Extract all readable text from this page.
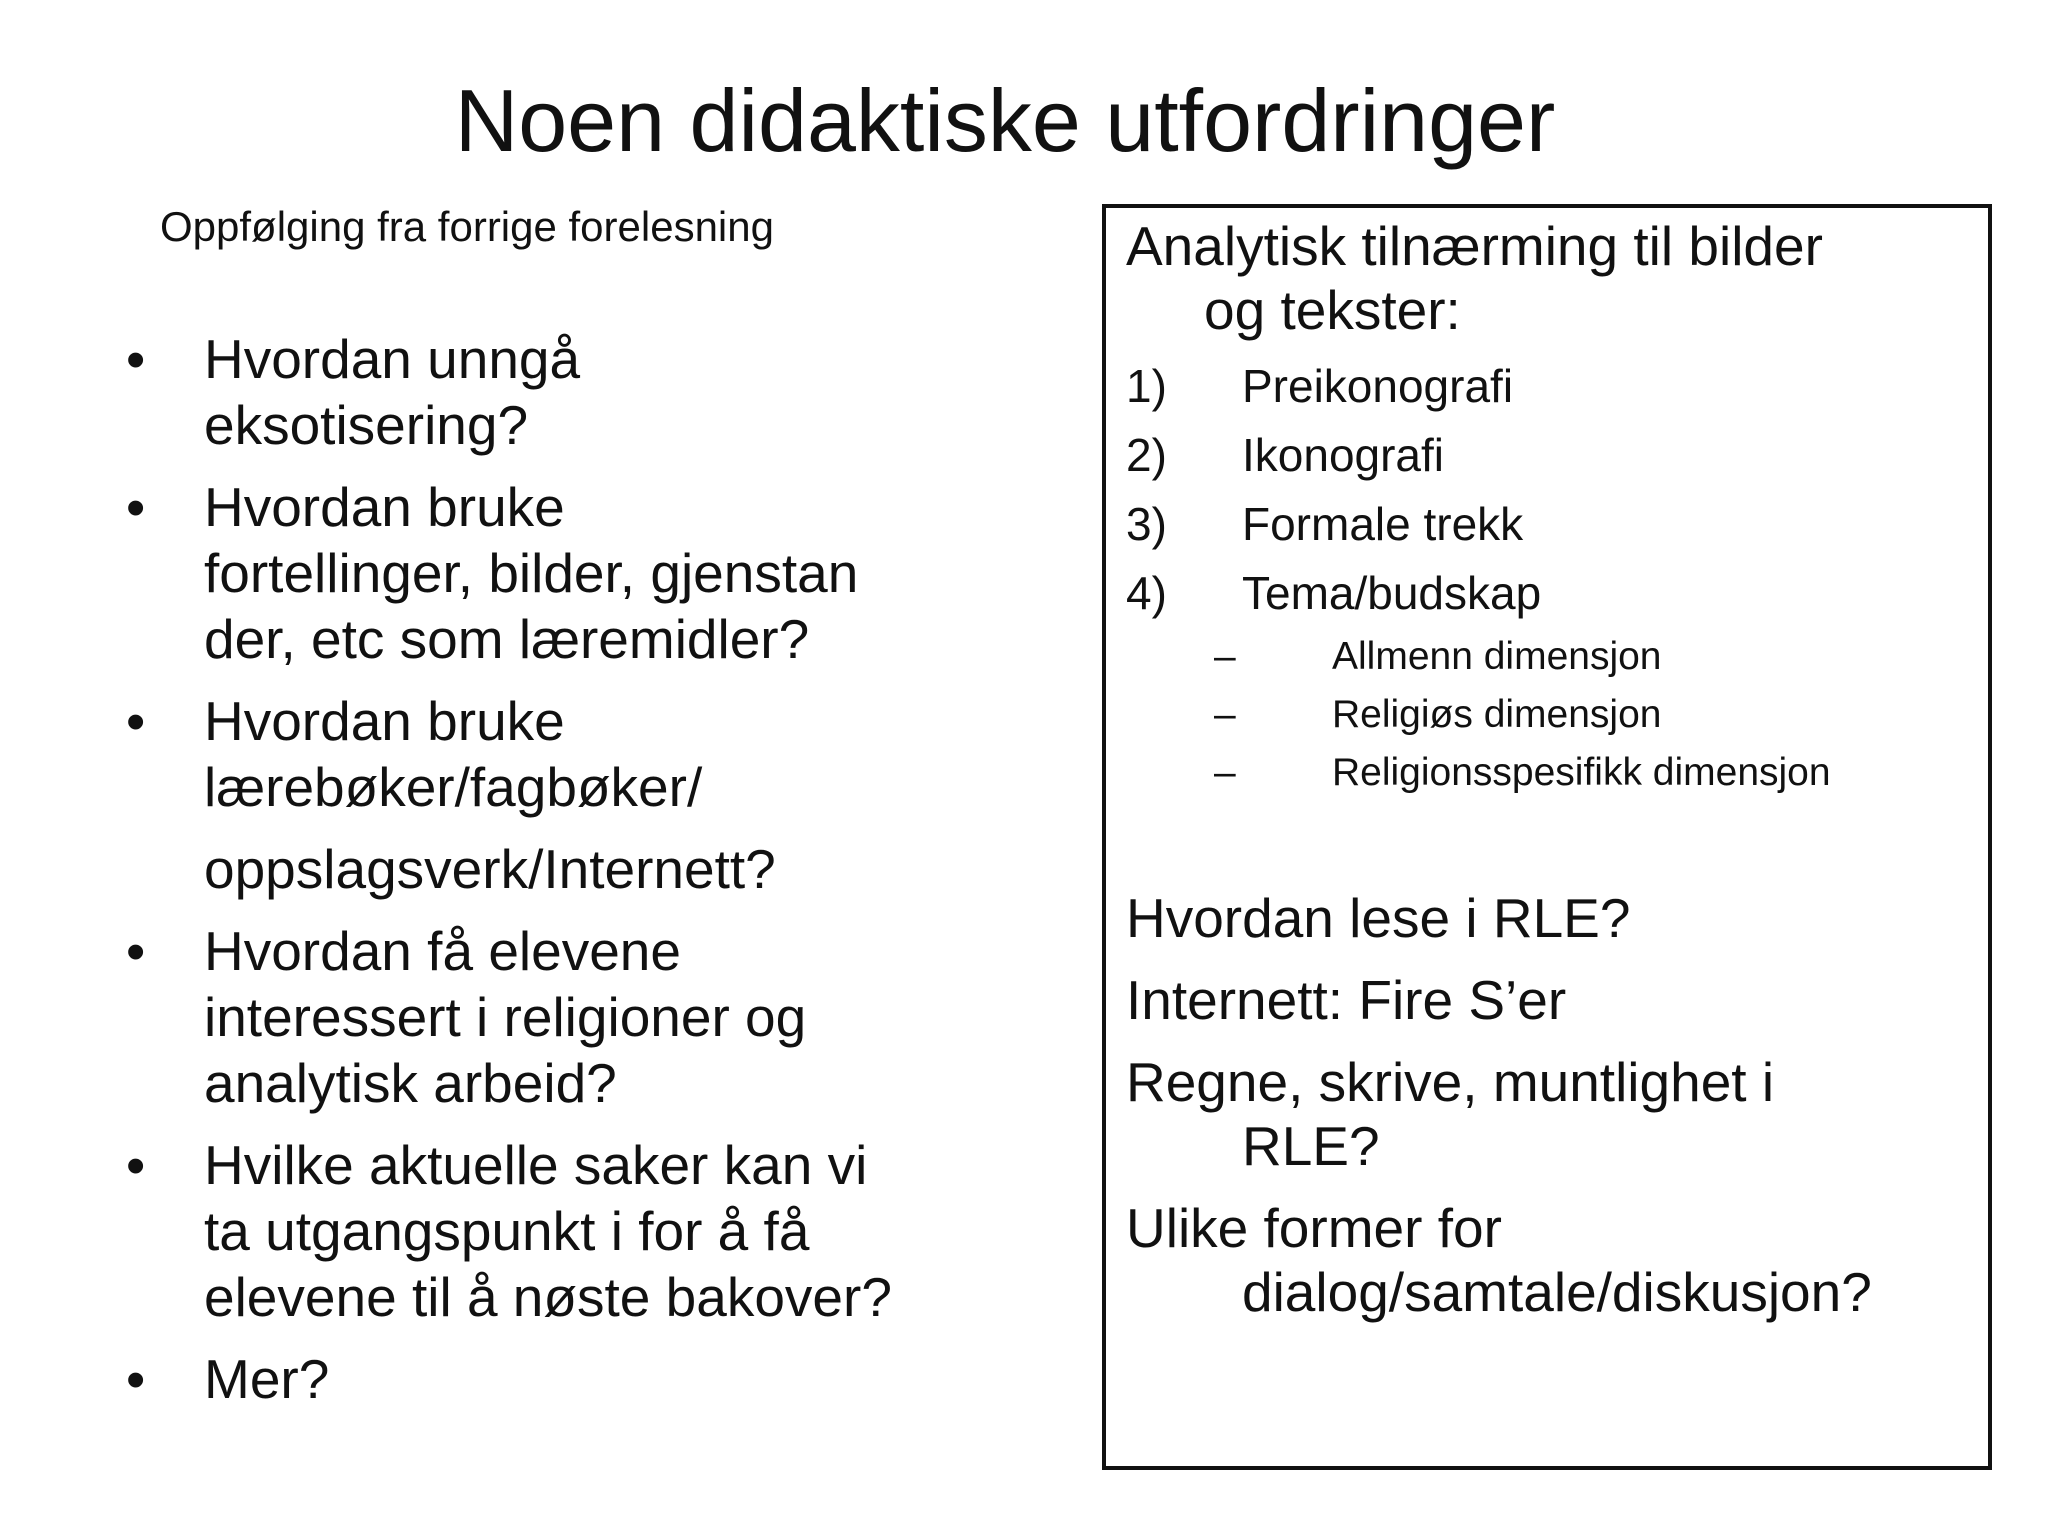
Noen didaktiske utfordringer
Oppfølging fra forrige forelesning
• Hvordan unngå
eksotisering?
• Hvordan bruke
fortellinger, bilder, gjenstan
der, etc som læremidler?
• Hvordan bruke
lærebøker/fagbøker/
oppslagsverk/Internett?
• Hvordan få elevene
interessert i religioner og
analytisk arbeid?
• Hvilke aktuelle saker kan vi
ta utgangspunkt i for å få
elevene til å nøste bakover?
• Mer?

Analytisk tilnærming til bilder
og tekster:

1) Preikonografi
2) Ikonografi
3) Formale trekk
4) Tema/budskap
– Allmenn dimensjon
– Religiøs dimensjon
– Religionsspesifikk dimensjon

Hvordan lese i RLE?

Internett: Fire S’er

Regne, skrive, muntlighet i
RLE?

Ulike former for
dialog/samtale/diskusjon?
